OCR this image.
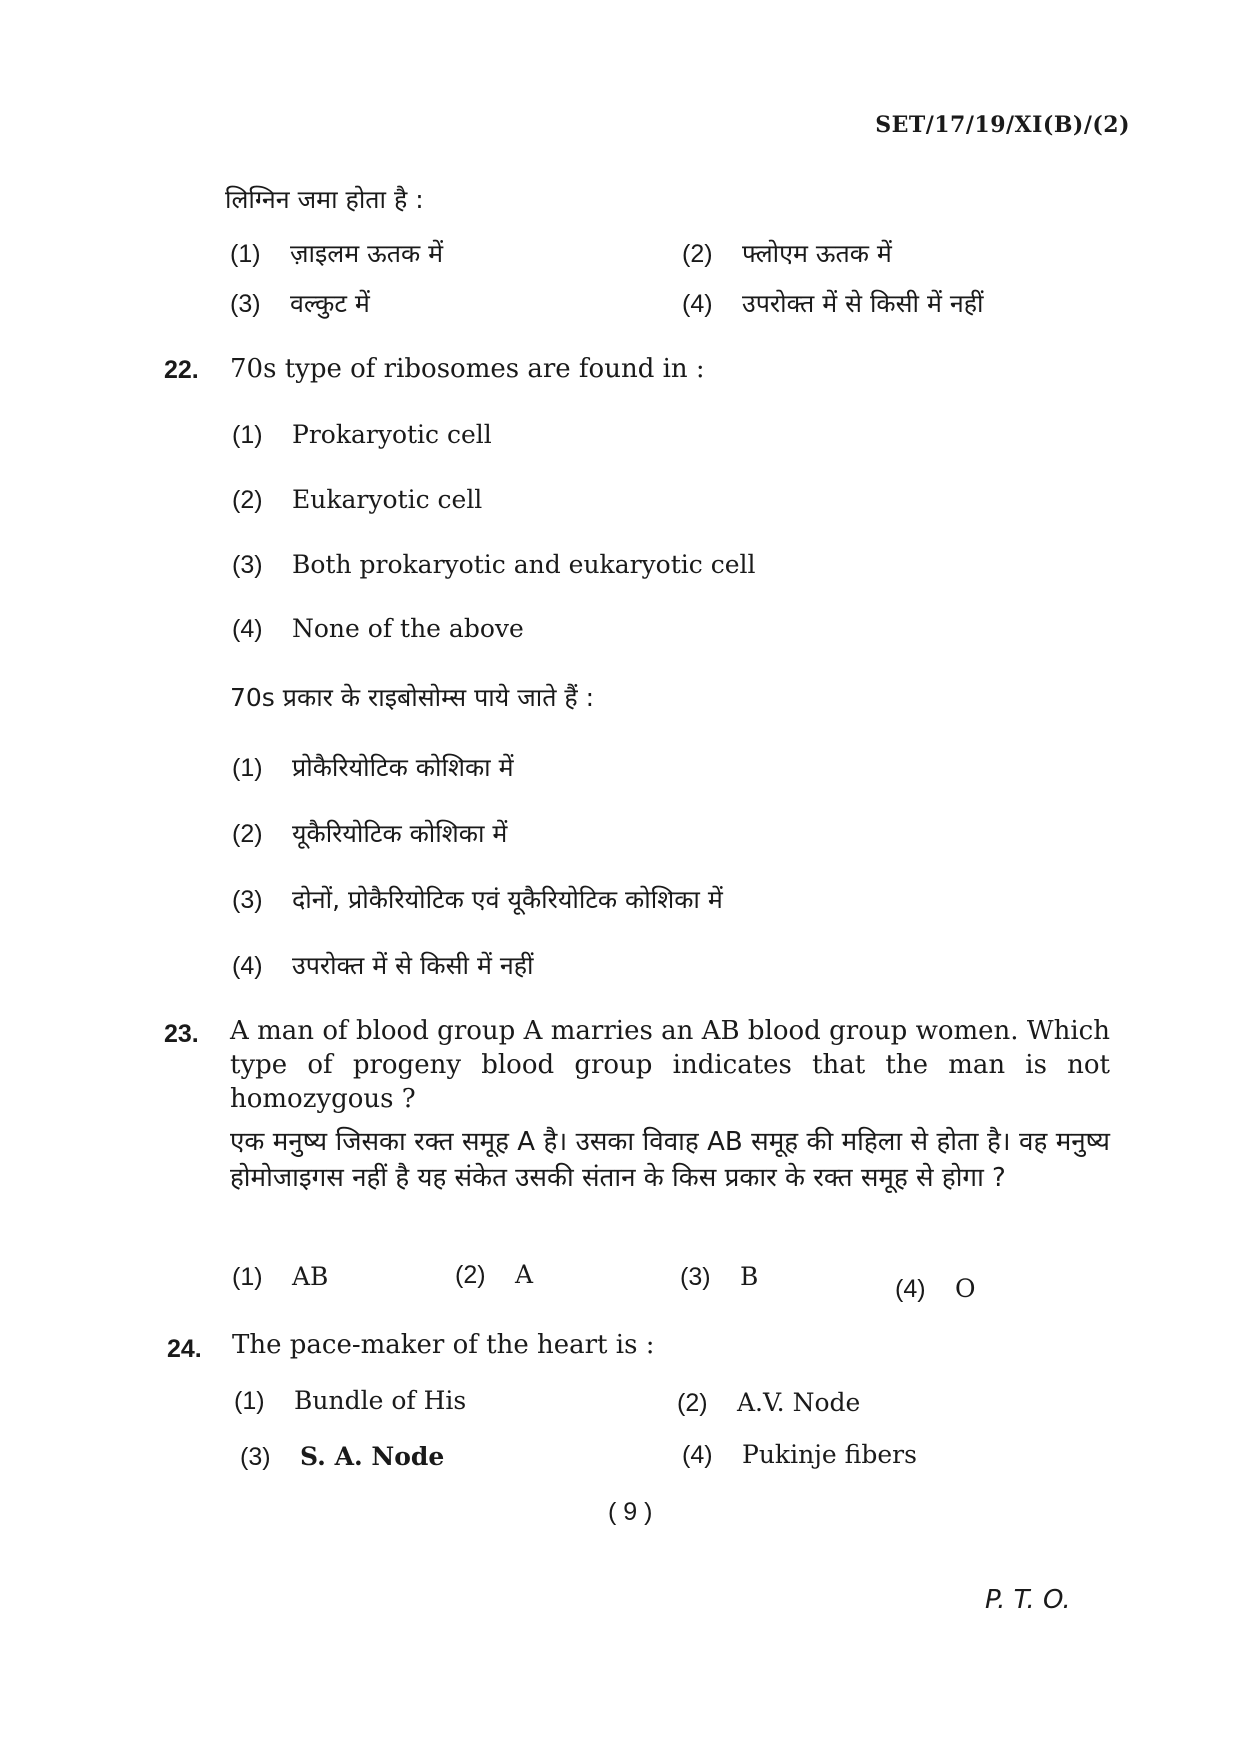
SET/17/19/XI(B)/(2)
लिग्निन जमा होता है :
(1) ज़ाइलम ऊतक में	(2) फ्लोएम ऊतक में
(3) वल्कुट में	(4) उपरोक्त में से किसी में नहीं
22. 70s type of ribosomes are found in :
(1) Prokaryotic cell
(2) Eukaryotic cell
(3) Both prokaryotic and eukaryotic cell
(4) None of the above
70s प्रकार के राइबोसोम्स पाये जाते हैं :
(1) प्रोकैरियोटिक कोशिका में
(2) यूकैरियोटिक कोशिका में
(3) दोनों, प्रोकैरियोटिक एवं यूकैरियोटिक कोशिका में
(4) उपरोक्त में से किसी में नहीं
23. A man of blood group A marries an AB blood group women. Which type of progeny blood group indicates that the man is not homozygous ?
एक मनुष्य जिसका रक्त समूह A है। उसका विवाह AB समूह की महिला से होता है। वह मनुष्य होमोजाइगस नहीं है यह संकेत उसकी संतान के किस प्रकार के रक्त समूह से होगा ?
(1) AB	(2) A	(3) B	(4) O
24. The pace-maker of the heart is :
(1) Bundle of His	(2) A.V. Node
(3) S. A. Node	(4) Pukinje fibers
( 9 )
P. T. O.
